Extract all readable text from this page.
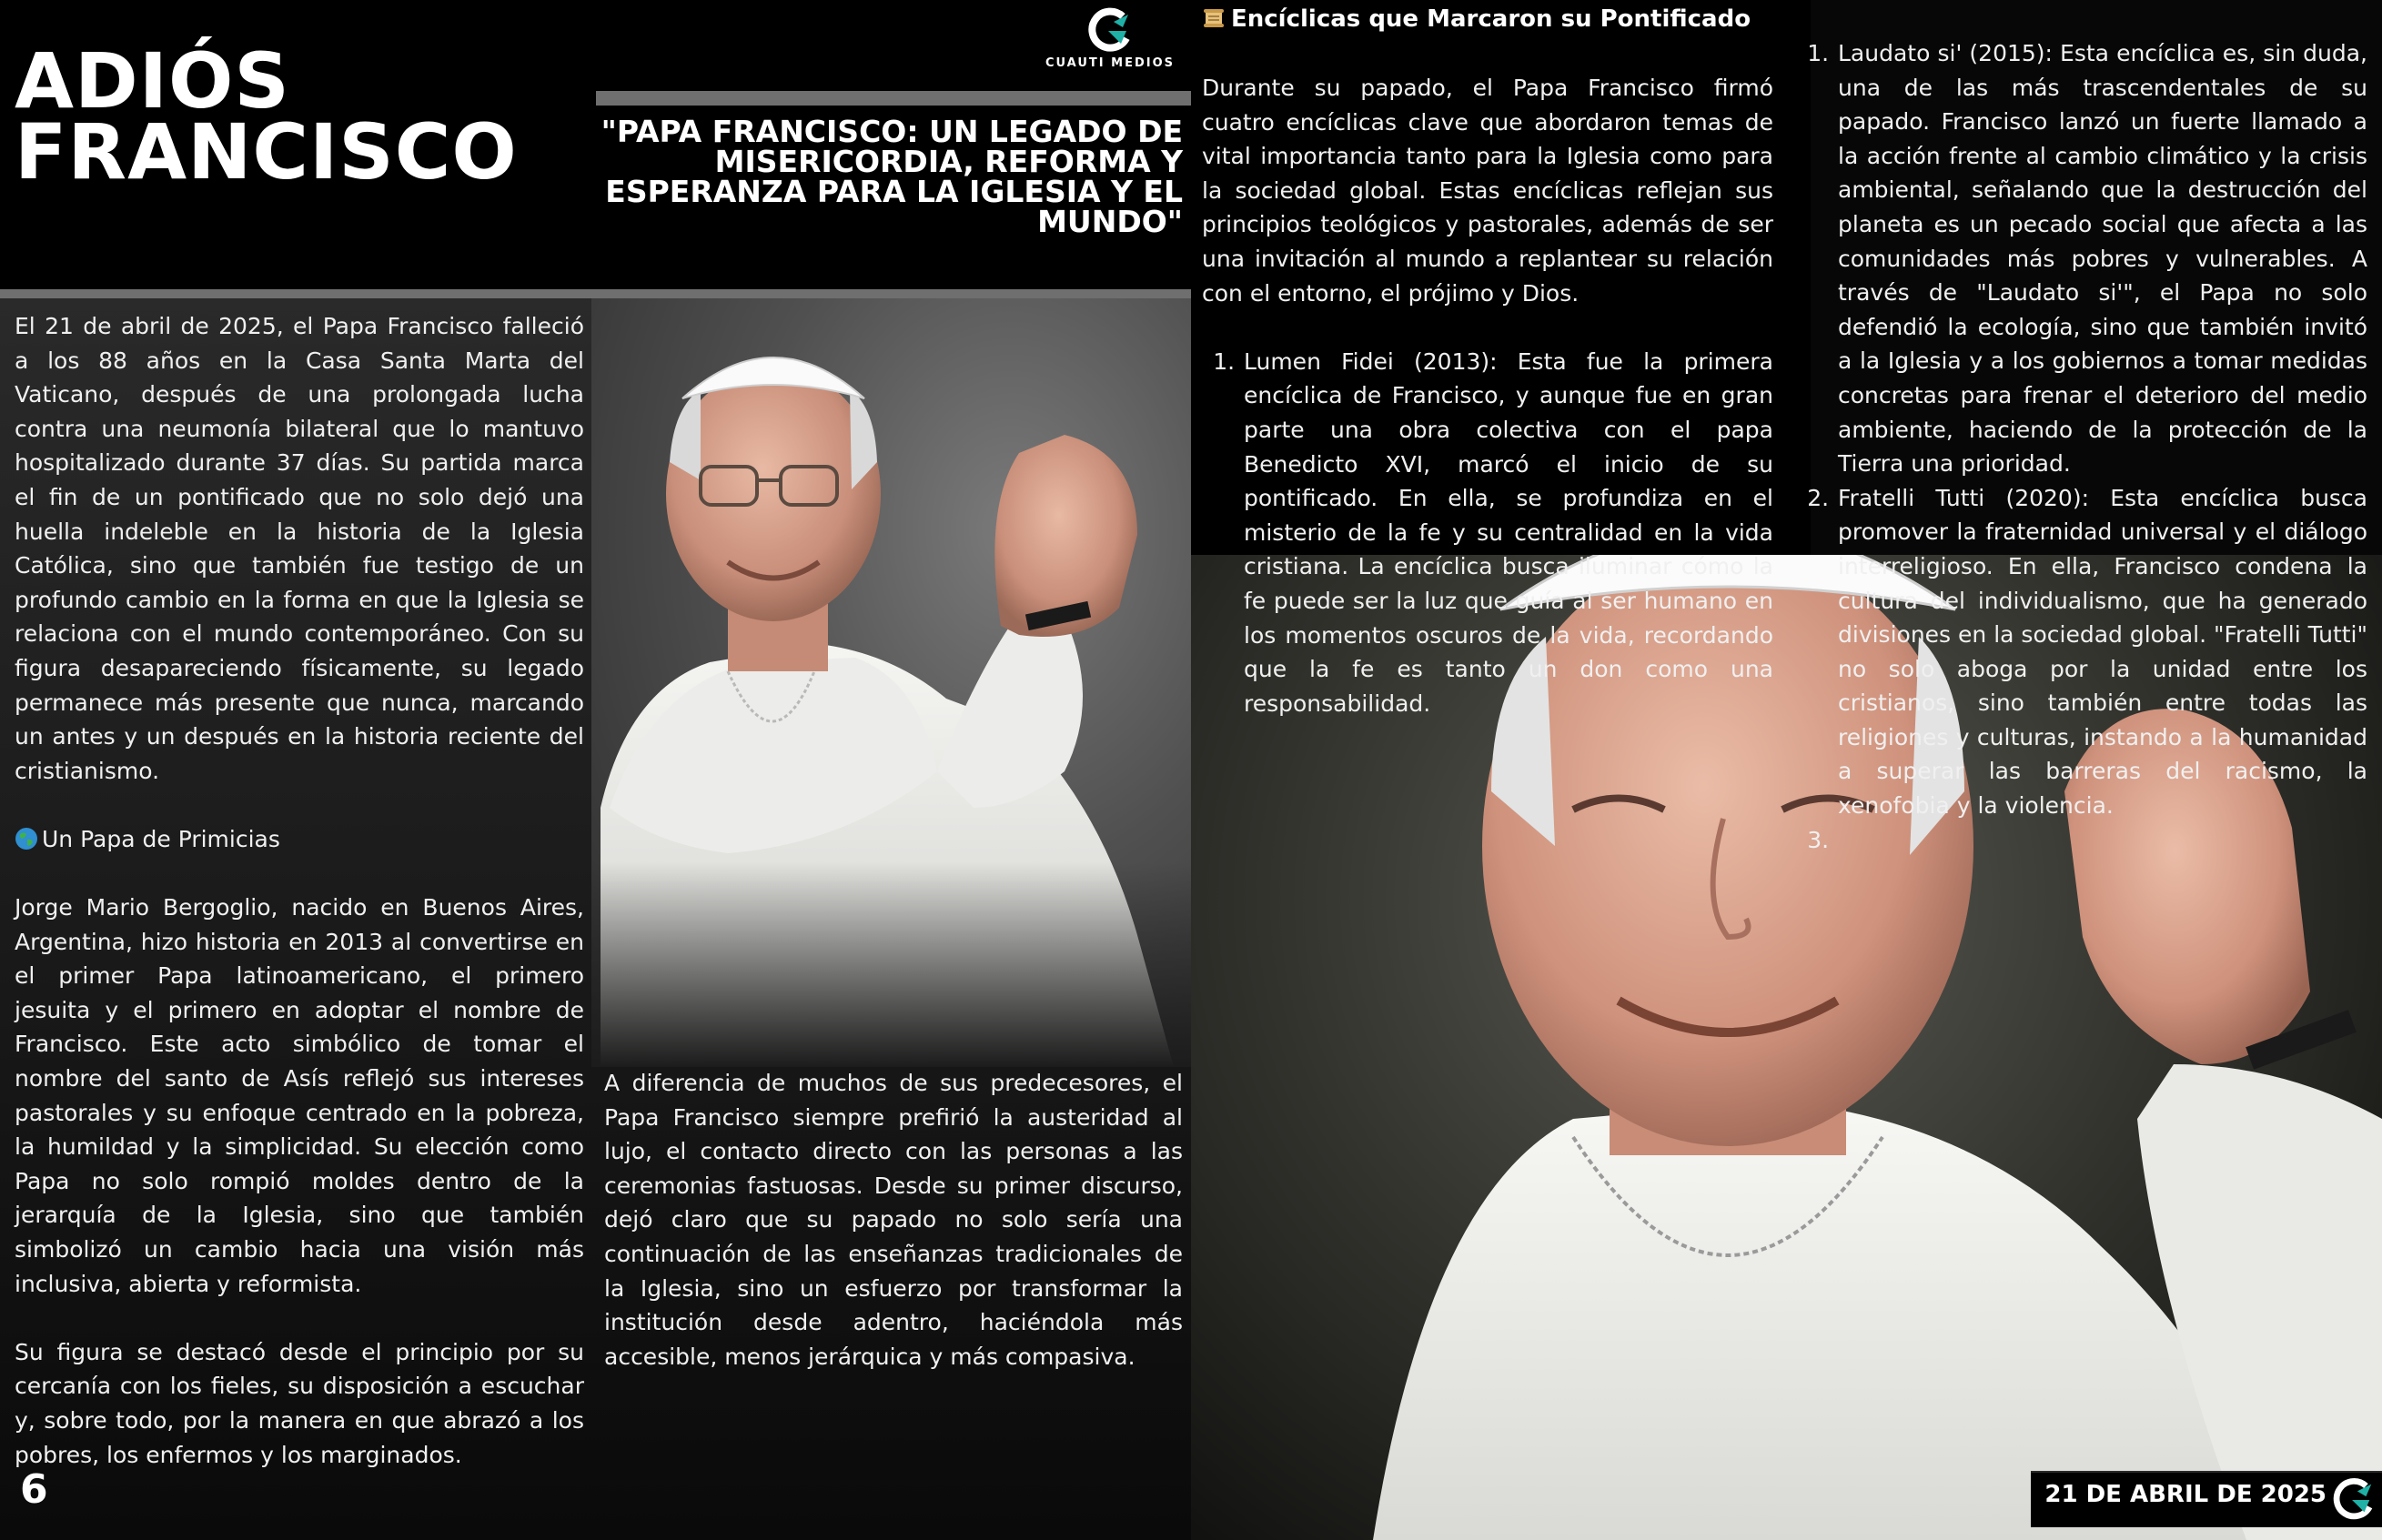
ADIÓS FRANCISCO	"PAPA FRANCISCO: UN LEGADO DE MISERICORDIA, REFORMA Y ESPERANZA PARA LA IGLESIA Y EL MUNDO"
CUAUTI MEDIOS

El 21 de abril de 2025, el Papa Francisco falleció a los 88 años en la Casa Santa Marta del Vaticano, después de una prolongada lucha contra una neumonía bilateral que lo mantuvo hospitalizado durante 37 días. Su partida marca el fin de un pontificado que no solo dejó una huella indeleble en la historia de la Iglesia Católica, sino que también fue testigo de un profundo cambio en la forma en que la Iglesia se relaciona con el mundo contemporáneo. Con su figura desapareciendo físicamente, su legado permanece más presente que nunca, marcando un antes y un después en la historia reciente del cristianismo.

Un Papa de Primicias

Jorge Mario Bergoglio, nacido en Buenos Aires, Argentina, hizo historia en 2013 al convertirse en el primer Papa latinoamericano, el primero jesuita y el primero en adoptar el nombre de Francisco. Este acto simbólico de tomar el nombre del santo de Asís reflejó sus intereses pastorales y su enfoque centrado en la pobreza, la humildad y la simplicidad. Su elección como Papa no solo rompió moldes dentro de la jerarquía de la Iglesia, sino que también simbolizó un cambio hacia una visión más inclusiva, abierta y reformista.

Su figura se destacó desde el principio por su cercanía con los fieles, su disposición a escuchar y, sobre todo, por la manera en que abrazó a los pobres, los enfermos y los marginados.

A diferencia de muchos de sus predecesores, el Papa Francisco siempre prefirió la austeridad al lujo, el contacto directo con las personas a las ceremonias fastuosas. Desde su primer discurso, dejó claro que su papado no solo sería una continuación de las enseñanzas tradicionales de la Iglesia, sino un esfuerzo por transformar la institución desde adentro, haciéndola más accesible, menos jerárquica y más compasiva.

6
Encíclicas que Marcaron su Pontificado

Durante su papado, el Papa Francisco firmó cuatro encíclicas clave que abordaron temas de vital importancia tanto para la Iglesia como para la sociedad global. Estas encíclicas reflejan sus principios teológicos y pastorales, además de ser una invitación al mundo a replantear su relación con el entorno, el prójimo y Dios.

1. Lumen Fidei (2013): Esta fue la primera encíclica de Francisco, y aunque fue en gran parte una obra colectiva con el papa Benedicto XVI, marcó el inicio de su pontificado. En ella, se profundiza en el misterio de la fe y su centralidad en la vida cristiana. La encíclica busca iluminar cómo la fe puede ser la luz que guía al ser humano en los momentos oscuros de la vida, recordando que la fe es tanto un don como una responsabilidad.
1. Laudato si' (2015): Esta encíclica es, sin duda, una de las más trascendentales de su papado. Francisco lanzó un fuerte llamado a la acción frente al cambio climático y la crisis ambiental, señalando que la destrucción del planeta es un pecado social que afecta a las comunidades más pobres y vulnerables. A través de "Laudato si'", el Papa no solo defendió la ecología, sino que también invitó a la Iglesia y a los gobiernos a tomar medidas concretas para frenar el deterioro del medio ambiente, haciendo de la protección de la Tierra una prioridad.
2. Fratelli Tutti (2020): Esta encíclica busca promover la fraternidad universal y el diálogo interreligioso. En ella, Francisco condena la cultura del individualismo, que ha generado divisiones en la sociedad global. "Fratelli Tutti" no solo aboga por la unidad entre los cristianos, sino también entre todas las religiones y culturas, instando a la humanidad a superar las barreras del racismo, la xenofobia y la violencia.
3.
21 DE ABRIL DE 2025
